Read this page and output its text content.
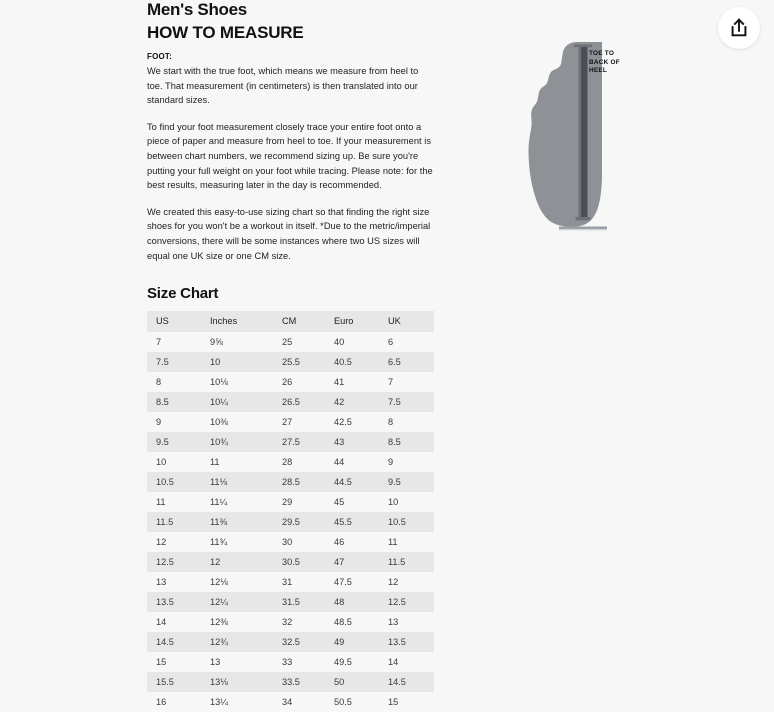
TOE TO BACK OF HEEL
Men's Shoes
HOW TO MEASURE
FOOT:

We start with the true foot, which means we measure from heel to toe. That measurement (in centimeters) is then translated into our standard sizes.

To find your foot measurement closely trace your entire foot onto a piece of paper and measure from heel to toe. If your measurement is between chart numbers, we recommend sizing up. Be sure you're putting your full weight on your foot while tracing. Please note: for the best results, measuring later in the day is recommended.

We created this easy-to-use sizing chart so that finding the right size shoes for you won't be a workout in itself. *Due to the metric/imperial conversions, there will be some instances where two US sizes will equal one UK size or one CM size.

Size Chart
US	Inches	CM	Euro	UK
7	9⅝	25	40	6
7.5	10	25.5	40.5	6.5
8	10⅛	26	41	7
8.5	10¼	26.5	42	7.5
9	10⅜	27	42.5	8
9.5	10¾	27.5	43	8.5
10	11	28	44	9
10.5	11⅛	28.5	44.5	9.5
11	11¼	29	45	10
11.5	11⅜	29.5	45.5	10.5
12	11¾	30	46	11
12.5	12	30.5	47	11.5
13	12⅛	31	47.5	12
13.5	12¼	31.5	48	12.5
14	12⅜	32	48.5	13
14.5	12¾	32.5	49	13.5
15	13	33	49.5	14
15.5	13⅛	33.5	50	14.5
16	13¼	34	50.5	15
